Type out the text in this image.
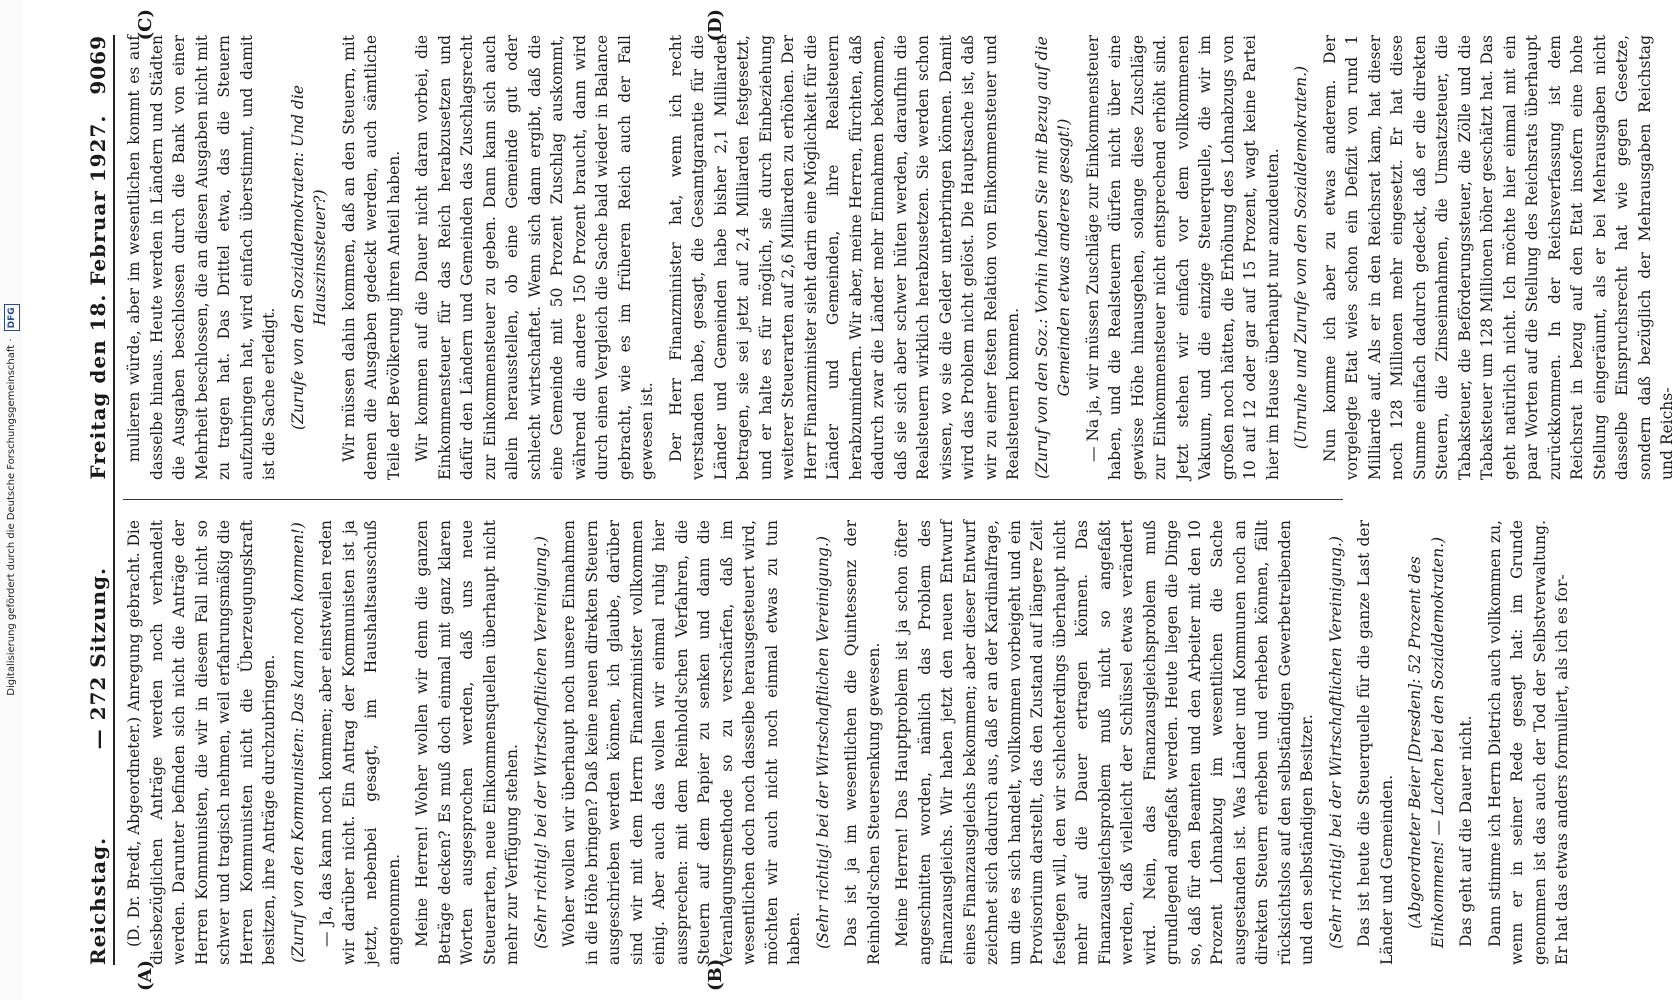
Digitalisierung gefördert durch die Deutsche Forschungsgemeinschaft · DFG
Reichstag.
— 272 Sitzung.
Freitag den 18. Februar 1927.
9069
(A)	(B)
(C)	(D)

(D. Dr. Bredt, Abgeordneter.) Anregung gebracht. Die diesbezüglichen Anträge werden noch verhandelt werden. Darunter befinden sich nicht die Anträge der Herren Kommunisten, die wir in diesem Fall nicht so schwer und tragisch nehmen, weil erfahrungsmäßig die Herren Kommunisten nicht die Überzeugungskraft besitzen, ihre Anträge durchzubringen. (Zuruf von den Kommunisten: Das kann noch kommen!) — Ja, das kann noch kommen; aber einstweilen reden wir darüber nicht. Ein Antrag der Kommunisten ist ja jetzt, nebenbei gesagt, im Haushaltsausschuß angenommen. Meine Herren! Woher wollen wir denn die ganzen Beträge decken? Es muß doch einmal mit ganz klaren Worten ausgesprochen werden, daß uns neue Steuerarten, neue Einkommensquellen überhaupt nicht mehr zur Verfügung stehen. (Sehr richtig! bei der Wirtschaftlichen Vereinigung.) Woher wollen wir überhaupt noch unsere Einnahmen in die Höhe bringen? Daß keine neuen direkten Steuern ausgeschrieben werden können, ich glaube, darüber sind wir mit dem Herrn Finanzminister vollkommen einig. Aber auch das wollen wir einmal ruhig hier aussprechen: mit dem Reinhold'schen Verfahren, die Steuern auf dem Papier zu senken und dann die Veranlagungsmethode so zu verschärfen, daß im wesentlichen doch noch dasselbe herausgesteuert wird, möchten wir auch nicht noch einmal etwas zu tun haben. (Sehr richtig! bei der Wirtschaftlichen Vereinigung.) Das ist ja im wesentlichen die Quintessenz der Reinhold'schen Steuersenkung gewesen. Meine Herren! Das Hauptproblem ist ja schon öfter angeschnitten worden, nämlich das Problem des Finanzausgleichs. Wir haben jetzt den neuen Entwurf eines Finanzausgleichs bekommen; aber dieser Entwurf zeichnet sich dadurch aus, daß er an der Kardinalfrage, um die es sich handelt, vollkommen vorbeigeht und ein Provisorium darstellt, das den Zustand auf längere Zeit festlegen will, den wir schlechterdings überhaupt nicht mehr auf die Dauer ertragen können. Das Finanzausgleichsproblem muß nicht so angefaßt werden, daß vielleicht der Schlüssel etwas verändert wird. Nein, das Finanzausgleichsproblem muß grundlegend angefaßt werden. Heute liegen die Dinge so, daß für den Beamten und den Arbeiter mit den 10 Prozent Lohnabzug im wesentlichen die Sache ausgestanden ist. Was Länder und Kommunen noch an direkten Steuern erheben und erheben können, fällt rücksichtslos auf den selbständigen Gewerbetreibenden und den selbständigen Besitzer. (Sehr richtig! bei der Wirtschaftlichen Vereinigung.) Das ist heute die Steuerquelle für die ganze Last der Länder und Gemeinden. (Abgeordneter Beier [Dresden]: 52 Prozent des Einkommens! — Lachen bei den Sozialdemokraten.) Das geht auf die Dauer nicht. Dann stimme ich Herrn Dietrich auch vollkommen zu, wenn er in seiner Rede gesagt hat: im Grunde genommen ist das auch der Tod der Selbstverwaltung. Er hat das etwas anders formuliert, als ich es for-

mulieren würde, aber im wesentlichen kommt es auf dasselbe hinaus. Heute werden in Ländern und Städten die Ausgaben beschlossen durch die Bank von einer Mehrheit beschlossen, die an diesen Ausgaben nicht mit zu tragen hat. Das Drittel etwa, das die Steuern aufzubringen hat, wird einfach überstimmt, und damit ist die Sache erledigt. (Zurufe von den Sozialdemokraten: Und die Hauszinssteuer?) Wir müssen dahin kommen, daß an den Steuern, mit denen die Ausgaben gedeckt werden, auch sämtliche Teile der Bevölkerung ihren Anteil haben. Wir kommen auf die Dauer nicht daran vorbei, die Einkommensteuer für das Reich herabzusetzen und dafür den Ländern und Gemeinden das Zuschlagsrecht zur Einkommensteuer zu geben. Dann kann sich auch allein herausstellen, ob eine Gemeinde gut oder schlecht wirtschaftet. Wenn sich dann ergibt, daß die eine Gemeinde mit 50 Prozent Zuschlag auskommt, während die andere 150 Prozent braucht, dann wird durch einen Vergleich die Sache bald wieder in Balance gebracht, wie es im früheren Reich auch der Fall gewesen ist. Der Herr Finanzminister hat, wenn ich recht verstanden habe, gesagt, die Gesamtgarantie für die Länder und Gemeinden habe bisher 2,1 Milliarden betragen, sie sei jetzt auf 2,4 Milliarden festgesetzt, und er halte es für möglich, sie durch Einbeziehung weiterer Steuerarten auf 2,6 Milliarden zu erhöhen. Der Herr Finanzminister sieht darin eine Möglichkeit für die Länder und Gemeinden, ihre Realsteuern herabzumindern. Wir aber, meine Herren, fürchten, daß dadurch zwar die Länder mehr Einnahmen bekommen, daß sie sich aber schwer hüten werden, daraufhin die Realsteuern wirklich herabzusetzen. Sie werden schon wissen, wo sie die Gelder unterbringen können. Damit wird das Problem nicht gelöst. Die Hauptsache ist, daß wir zu einer festen Relation von Einkommensteuer und Realsteuern kommen. (Zuruf von den Soz.: Vorhin haben Sie mit Bezug auf die Gemeinden etwas anderes gesagt!) — Na ja, wir müssen Zuschläge zur Einkommensteuer haben, und die Realsteuern dürfen nicht über eine gewisse Höhe hinausgehen, solange diese Zuschläge zur Einkommensteuer nicht entsprechend erhöht sind. Jetzt stehen wir einfach vor dem vollkommenen Vakuum, und die einzige Steuerquelle, die wir im großen noch hätten, die Erhöhung des Lohnabzugs von 10 auf 12 oder gar auf 15 Prozent, wagt keine Partei hier im Hause überhaupt nur anzudeuten. (Unruhe und Zurufe von den Sozialdemokraten.) Nun komme ich aber zu etwas anderem. Der vorgelegte Etat wies schon ein Defizit von rund 1 Milliarde auf. Als er in den Reichsrat kam, hat dieser noch 128 Millionen mehr eingesetzt. Er hat diese Summe einfach dadurch gedeckt, daß er die direkten Steuern, die Zinseinnahmen, die Umsatzsteuer, die Tabaksteuer, die Beförderungssteuer, die Zölle und die Tabaksteuer um 128 Millionen höher geschätzt hat. Das geht natürlich nicht. Ich möchte hier einmal mit ein paar Worten auf die Stellung des Reichsrats überhaupt zurückkommen. In der Reichsverfassung ist dem Reichsrat in bezug auf den Etat insofern eine hohe Stellung eingeräumt, als er bei Mehrausgaben nicht dasselbe Einspruchsrecht hat wie gegen Gesetze, sondern daß bezüglich der Mehrausgaben Reichstag und Reichs-
